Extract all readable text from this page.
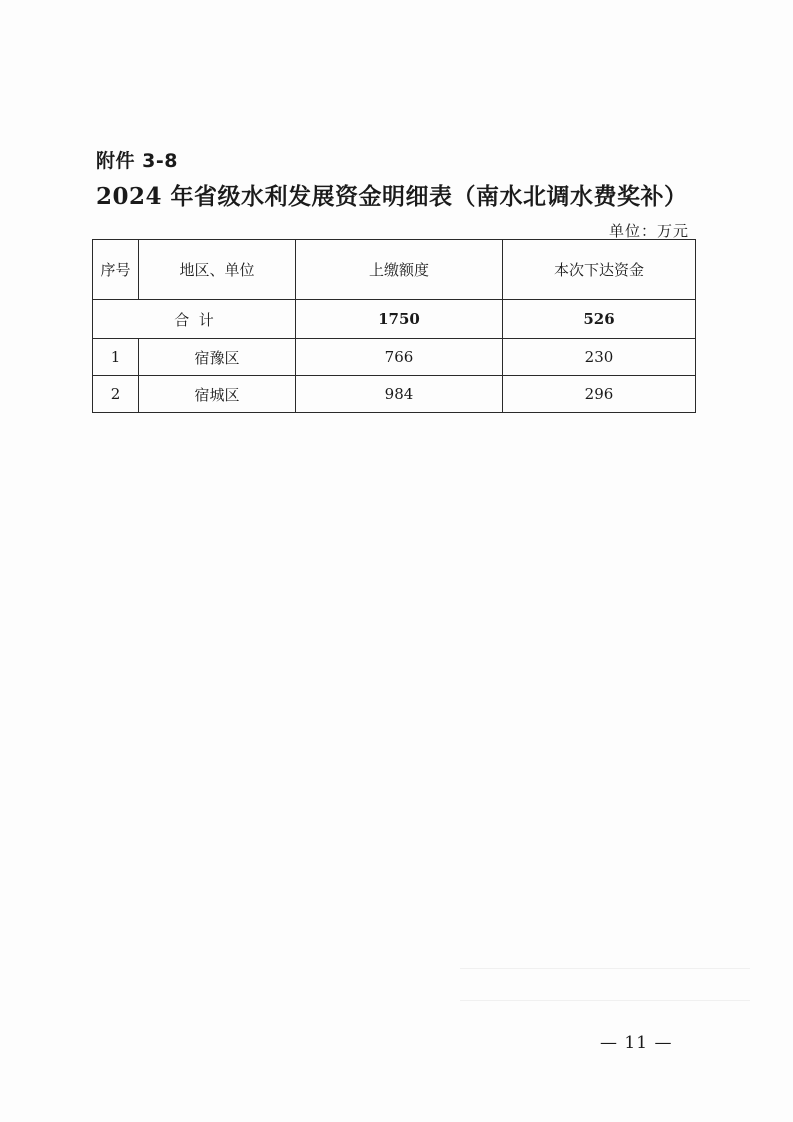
附件 3-8
2024 年省级水利发展资金明细表（南水北调水费奖补）
单位：万元
序号	地区、单位	上缴额度	本次下达资金
合  计		1750	526
1	宿豫区	766	230
2	宿城区	984	296
— 11 —
